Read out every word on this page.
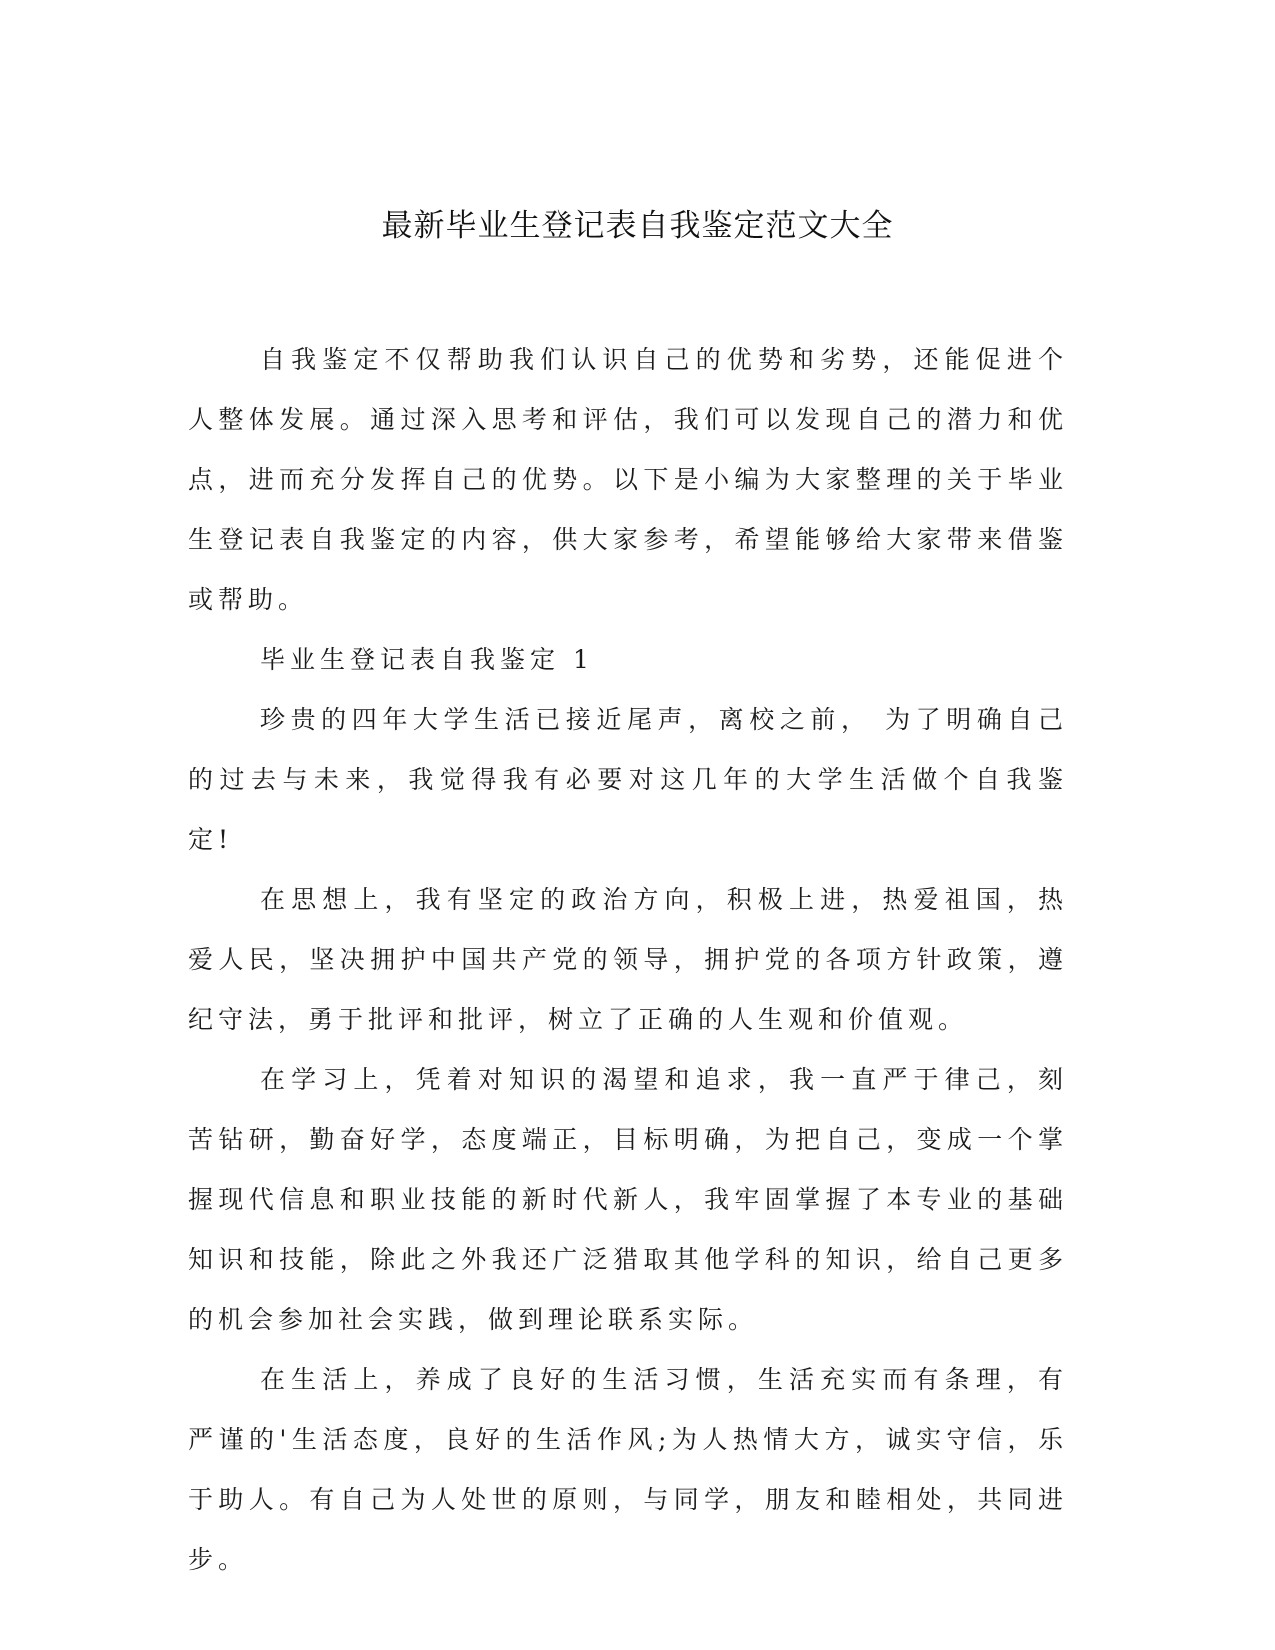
最新毕业生登记表自我鉴定范文大全

自我鉴定不仅帮助我们认识自己的优势和劣势，还能促进个人整体发展。通过深入思考和评估，我们可以发现自己的潜力和优点，进而充分发挥自己的优势。以下是小编为大家整理的关于毕业生登记表自我鉴定的内容，供大家参考，希望能够给大家带来借鉴或帮助。

毕业生登记表自我鉴定 1

珍贵的四年大学生活已接近尾声，离校之前， 为了明确自己的过去与未来，我觉得我有必要对这几年的大学生活做个自我鉴定!

在思想上，我有坚定的政治方向，积极上进，热爱祖国，热爱人民，坚决拥护中国共产党的领导，拥护党的各项方针政策，遵纪守法，勇于批评和批评，树立了正确的人生观和价值观。

在学习上，凭着对知识的渴望和追求，我一直严于律己，刻苦钻研，勤奋好学，态度端正，目标明确，为把自己，变成一个掌握现代信息和职业技能的新时代新人，我牢固掌握了本专业的基础知识和技能，除此之外我还广泛猎取其他学科的知识，给自己更多的机会参加社会实践，做到理论联系实际。

在生活上，养成了良好的生活习惯，生活充实而有条理，有严谨的'生活态度，良好的生活作风;为人热情大方，诚实守信，乐于助人。有自己为人处世的原则，与同学，朋友和睦相处，共同进步。
